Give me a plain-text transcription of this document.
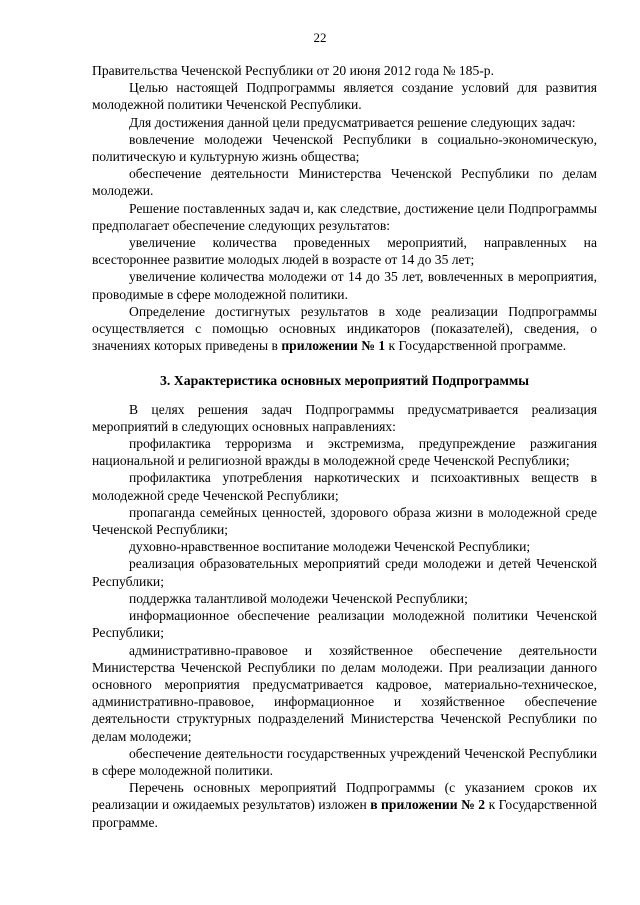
22

Правительства Чеченской Республики от 20 июня 2012 года № 185-р.

Целью настоящей Подпрограммы является создание условий для развития молодежной политики Чеченской Республики.

Для достижения данной цели предусматривается решение следующих задач:

вовлечение молодежи Чеченской Республики в социально-экономическую, политическую и культурную жизнь общества;

обеспечение деятельности Министерства Чеченской Республики по делам молодежи.

Решение поставленных задач и, как следствие, достижение цели Подпрограммы предполагает обеспечение следующих результатов:

увеличение количества проведенных мероприятий, направленных на всестороннее развитие молодых людей в возрасте от 14 до 35 лет;

увеличение количества молодежи от 14 до 35 лет, вовлеченных в мероприятия, проводимые в сфере молодежной политики.

Определение достигнутых результатов в ходе реализации Подпрограммы осуществляется с помощью основных индикаторов (показателей), сведения, о значениях которых приведены в приложении № 1 к Государственной программе.

3. Характеристика основных мероприятий Подпрограммы

В целях решения задач Подпрограммы предусматривается реализация мероприятий в следующих основных направлениях:

профилактика терроризма и экстремизма, предупреждение разжигания национальной и религиозной вражды в молодежной среде Чеченской Республики;

профилактика употребления наркотических и психоактивных веществ в молодежной среде Чеченской Республики;

пропаганда семейных ценностей, здорового образа жизни в молодежной среде Чеченской Республики;

духовно-нравственное воспитание молодежи Чеченской Республики;

реализация образовательных мероприятий среди молодежи и детей Чеченской Республики;

поддержка талантливой молодежи Чеченской Республики;

информационное обеспечение реализации молодежной политики Чеченской Республики;

административно-правовое и хозяйственное обеспечение деятельности Министерства Чеченской Республики по делам молодежи. При реализации данного основного мероприятия предусматривается кадровое, материально-техническое, административно-правовое, информационное и хозяйственное обеспечение деятельности структурных подразделений Министерства Чеченской Республики по делам молодежи;

обеспечение деятельности государственных учреждений Чеченской Республики в сфере молодежной политики.

Перечень основных мероприятий Подпрограммы (с указанием сроков их реализации и ожидаемых результатов) изложен в приложении № 2 к Государственной программе.
